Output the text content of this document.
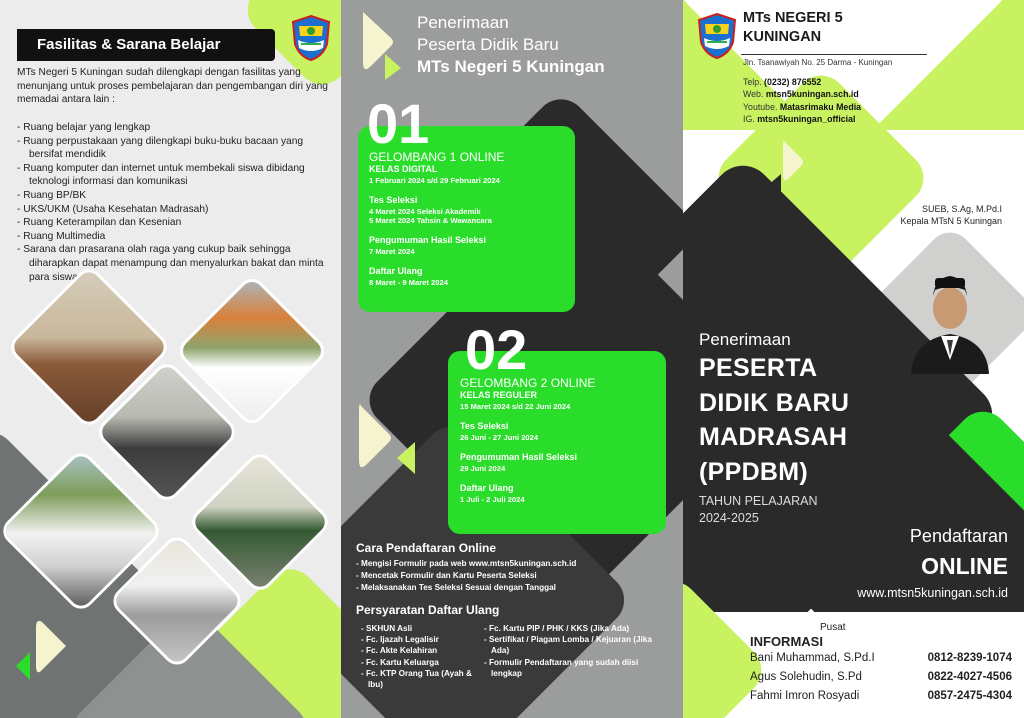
Fasilitas & Sarana Belajar

MTs Negeri 5 Kuningan sudah dilengkapi dengan fasilitas yang menunjang untuk proses pembelajaran dan pengembangan diri yang memadai antara lain :

- Ruang belajar yang lengkap
- Ruang perpustakaan yang dilengkapi buku-buku bacaan yang bersifat mendidik
- Ruang komputer dan internet untuk membekali siswa dibidang teknologi informasi dan komunikasi
- Ruang BP/BK
- UKS/UKM (Usaha Kesehatan Madrasah)
- Ruang Keterampilan dan Kesenian
- Ruang Multimedia
- Sarana dan prasarana olah raga yang cukup baik sehingga diharapkan dapat menampung dan menyalurkan bakat dan minta para siswa
Penerimaan
Peserta Didik Baru
MTs Negeri 5 Kuningan
GELOMBANG 1 ONLINE
KELAS DIGITAL
1 Februari 2024 s/d 29 Februari 2024
Tes Seleksi
4 Maret 2024 Seleksi Akademik
5 Maret 2024 Tahsin & Wawancara
Pengumuman Hasil Seleksi
7 Maret 2024
Daftar Ulang
8 Maret - 9 Maret 2024
01
GELOMBANG 2 ONLINE
KELAS REGULER
15 Maret 2024 s/d 22 Juni 2024
Tes Seleksi
26 Juni - 27 Juni 2024
Pengumuman Hasil Seleksi
29 Juni 2024
Daftar Ulang
1 Juli - 2 Juli 2024
02
Cara Pendaftaran Online
- Mengisi Formulir pada web www.mtsn5kuningan.sch.id
- Mencetak Formulir dan Kartu Peserta Seleksi
- Melaksanakan Tes Seleksi Sesuai dengan Tanggal
Persyaratan Daftar Ulang
- SKHUN Asli
- Fc. Ijazah Legalisir
- Fc. Akte Kelahiran
- Fc. Kartu Keluarga
- Fc. KTP Orang Tua (Ayah & Ibu)
- Fc. Kartu PIP / PHK / KKS (Jika Ada)
- Sertifikat / Piagam Lomba / Kejuaran (Jika Ada)
- Formulir Pendaftaran yang sudah diisi lengkap
MTs NEGERI 5
KUNINGAN
Jln. Tsanawiyah No. 25 Darma - Kuningan
Telp. (0232) 876552
Web. mtsn5kuningan.sch.id
Youtube. Matasrimaku Media
IG. mtsn5kuningan_official
SUEB, S.Ag, M.Pd.I
Kepala MTsN 5 Kuningan
Penerimaan
PESERTA
DIDIK BARU
MADRASAH
(PPDBM)
TAHUN PELAJARAN
2024-2025
Pendaftaran
ONLINE
www.mtsn5kuningan.sch.id
Pusat
INFORMASI
Bani Muhammad, S.Pd.I	0812-8239-1074
Agus Solehudin, S.Pd	0822-4027-4506
Fahmi Imron Rosyadi	0857-2475-4304
